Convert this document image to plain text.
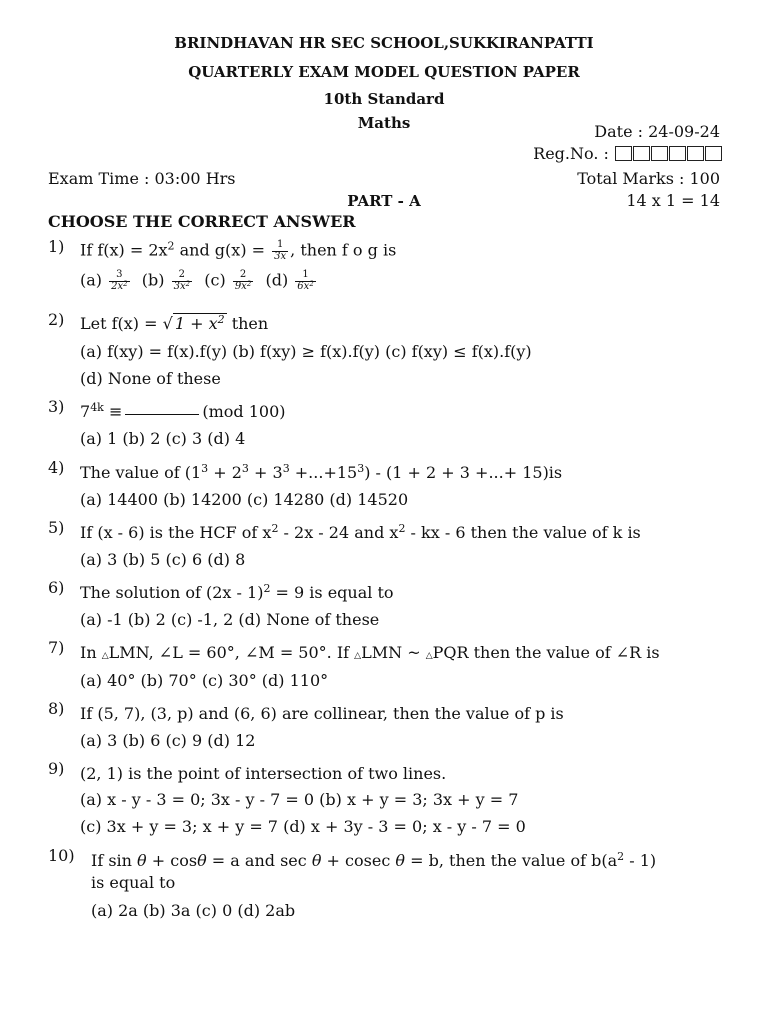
BRINDHAVAN HR SEC SCHOOL,SUKKIRANPATTI
QUARTERLY EXAM MODEL QUESTION PAPER
10th Standard
Maths	Date : 24-09-24
Reg.No. :
Exam Time : 03:00 Hrs	Total Marks : 100
PART - A	14 x 1 = 14
CHOOSE THE CORRECT ANSWER
1) If $f(x) = 2x^2$ and $g(x) = \frac{1}{3x}$ , then f o g is
$(a) \frac{3}{2x^2} (b) \frac{2}{3x^2} (c) \frac{2}{9x^2} (d) \frac{1}{6x^2}$
2) Let f(x) = √ $1 + x^2$ then
(a) f(xy) = f(x).f(y) (b) f(xy) ≥ f(x).f(y) (c) f(xy) ≤ f(x).f(y)
(d) None of these
3) $7^{4k}$ ≡	(mod 100)
(a) 1 (b) 2 (c) 3 (d) 4
4) The value of $(1^3 + 2^3 + 3^3 +...+15^3) - (1 + 2 + 3$ +...+ 15)is
(a) 14400 (b) 14200 (c) 14280 (d) 14520
5) If (x - 6) is the HCF of $x^2 - 2x - 24$ and $x^2$ - kx - 6 then the value of k is
(a) 3 (b) 5 (c) 6 (d) 8
6) The solution of (2x - 1)$^2$ = 9 is equal to
(a) -1 (b) 2 (c) -1, 2 (d) None of these
7) In △LMN, ∠L = 60°, ∠M = 50°. If △LMN ~ △PQR then the value of ∠R is
(a) 40° (b) 70° (c) 30° (d) 110°
8) If (5, 7), (3, p) and (6, 6) are collinear, then the value of p is
(a) 3 (b) 6 (c) 9 (d) 12
9) (2, 1) is the point of intersection of two lines.
(a) x - y - 3 = 0; 3x - y - 7 = 0 (b) x + y = 3; 3x + y = 7
(c) 3x + y = 3; x + y = 7 (d) x + 3y - 3 = 0; x - y - 7 = 0
10) If sin θ + cosθ = a and sec θ + cosec θ = b, then the value of $b(a^2 - 1)$
is equal to
(a) 2a (b) 3a (c) 0 (d) 2ab
